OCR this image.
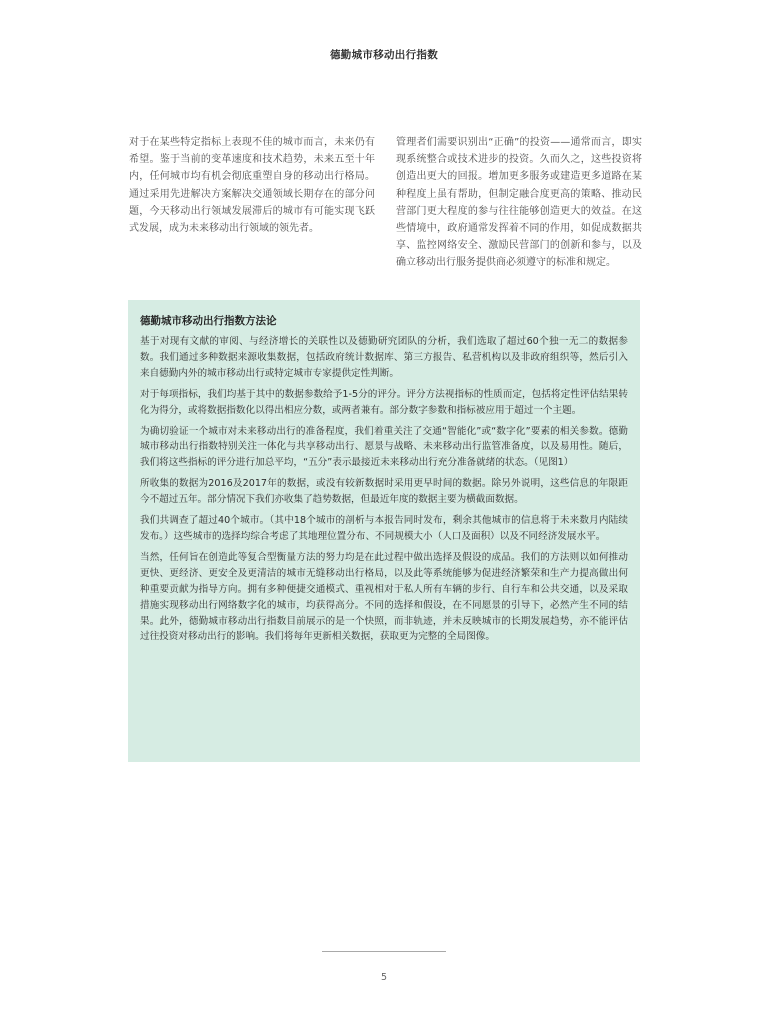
德勤城市移动出行指数

对于在某些特定指标上表现不佳的城市而言，未来仍有希望。鉴于当前的变革速度和技术趋势，未来五至十年内，任何城市均有机会彻底重塑自身的移动出行格局。通过采用先进解决方案解决交通领域长期存在的部分问题，今天移动出行领域发展滞后的城市有可能实现飞跃式发展，成为未来移动出行领域的领先者。

管理者们需要识别出“正确”的投资——通常而言，即实现系统整合或技术进步的投资。久而久之，这些投资将创造出更大的回报。增加更多服务或建造更多道路在某种程度上虽有帮助，但制定融合度更高的策略、推动民营部门更大程度的参与往往能够创造更大的效益。在这些情境中，政府通常发挥着不同的作用，如促成数据共享、监控网络安全、激励民营部门的创新和参与，以及确立移动出行服务提供商必须遵守的标准和规定。

德勤城市移动出行指数方法论

基于对现有文献的审阅、与经济增长的关联性以及德勤研究团队的分析，我们选取了超过60个独一无二的数据参数。我们通过多种数据来源收集数据，包括政府统计数据库、第三方报告、私营机构以及非政府组织等，然后引入来自德勤内外的城市移动出行或特定城市专家提供定性判断。

对于每项指标，我们均基于其中的数据参数给予1-5分的评分。评分方法视指标的性质而定，包括将定性评估结果转化为得分，或将数据指数化以得出相应分数，或两者兼有。部分数字参数和指标被应用于超过一个主题。

为确切验证一个城市对未来移动出行的准备程度，我们着重关注了交通“智能化”或“数字化”要素的相关参数。德勤城市移动出行指数特别关注一体化与共享移动出行、愿景与战略、未来移动出行监管准备度，以及易用性。随后，我们将这些指标的评分进行加总平均，“五分”表示最接近未来移动出行充分准备就绪的状态。（见图1）

所收集的数据为2016及2017年的数据，或没有较新数据时采用更早时间的数据。除另外说明，这些信息的年限距今不超过五年。部分情况下我们亦收集了趋势数据，但最近年度的数据主要为横截面数据。

我们共调查了超过40个城市。（其中18个城市的剖析与本报告同时发布，剩余其他城市的信息将于未来数月内陆续发布。）这些城市的选择均综合考虑了其地理位置分布、不同规模大小（人口及面积）以及不同经济发展水平。

当然，任何旨在创造此等复合型衡量方法的努力均是在此过程中做出选择及假设的成品。我们的方法则以如何推动更快、更经济、更安全及更清洁的城市无缝移动出行格局，以及此等系统能够为促进经济繁荣和生产力提高做出何种重要贡献为指导方向。拥有多种便捷交通模式、重视相对于私人所有车辆的步行、自行车和公共交通，以及采取措施实现移动出行网络数字化的城市，均获得高分。不同的选择和假设，在不同愿景的引导下，必然产生不同的结果。此外，德勤城市移动出行指数目前展示的是一个快照，而非轨迹，并未反映城市的长期发展趋势，亦不能评估过往投资对移动出行的影响。我们将每年更新相关数据，获取更为完整的全局图像。

5
